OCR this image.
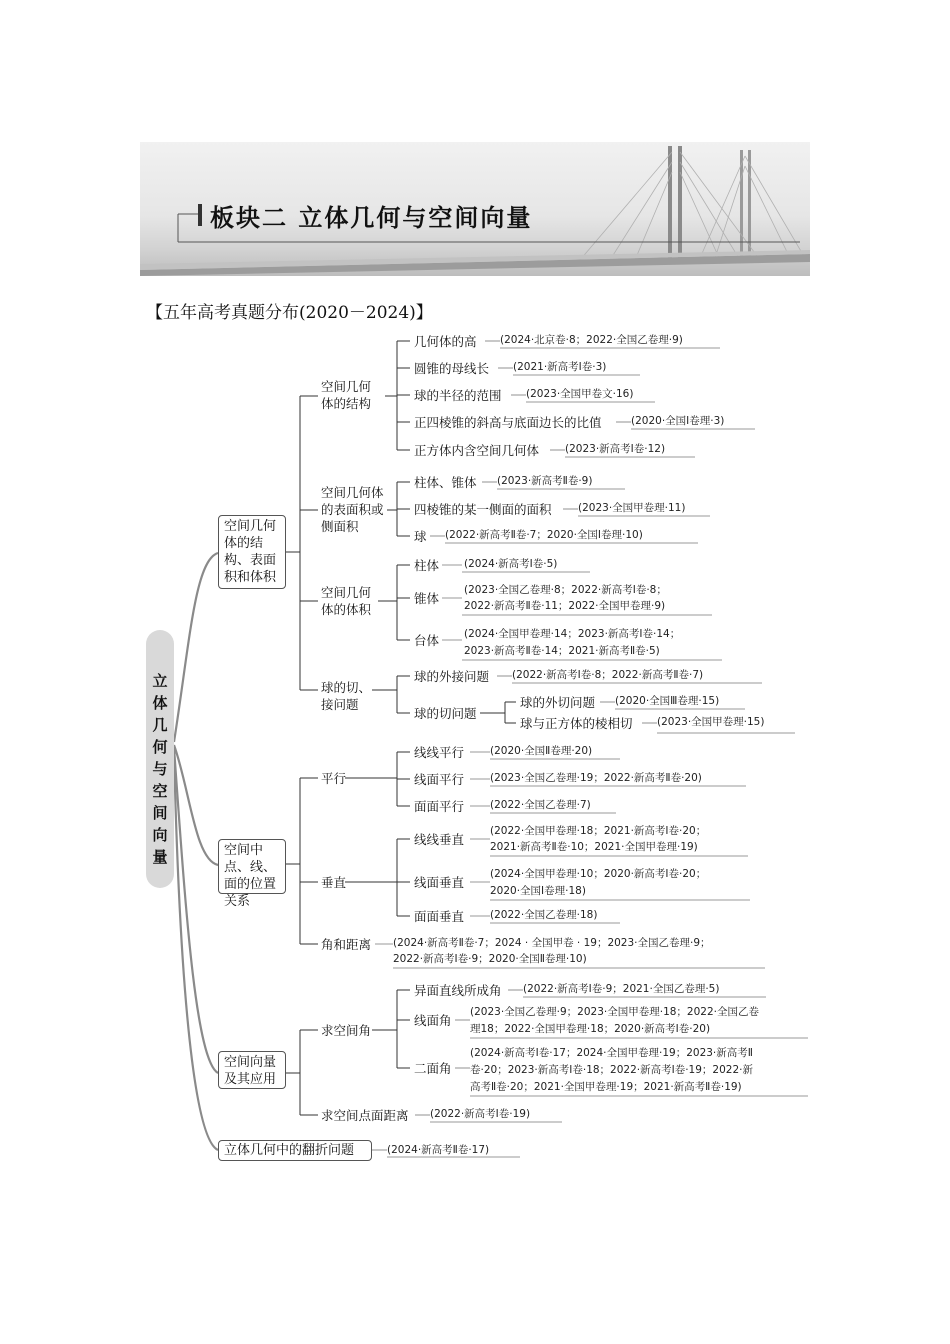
板块二 立体几何与空间向量
【五年高考真题分布(2020－2024)】
立体几何与空间向量
空间几何体的结构、表面积和体积
空间中点、线、面的位置关系
空间向量及其应用
立体几何中的翻折问题	(2024·新高考Ⅱ卷·17)
空间几何体的结构
空间几何体的表面积或侧面积
空间几何体的体积
球的切、接问题
平行
垂直
角和距离
求空间角
求空间点面距离
几何体的高 (2024·北京卷·8；2022·全国乙卷理·9)
圆锥的母线长 (2021·新高考Ⅰ卷·3)
球的半径的范围 (2023·全国甲卷文·16)
正四棱锥的斜高与底面边长的比值	(2020·全国Ⅰ卷理·3)
正方体内含空间几何体 (2023·新高考Ⅰ卷·12)
柱体、锥体 (2023·新高考Ⅱ卷·9)
四棱锥的某一侧面的面积	(2023·全国甲卷理·11)
球 (2022·新高考Ⅱ卷·7；2020·全国Ⅰ卷理·10)
柱体 (2024·新高考Ⅰ卷·5)
锥体
(2023·全国乙卷理·8；2022·新高考Ⅰ卷·8；
2022·新高考Ⅱ卷·11；2022·全国甲卷理·9)
台体 (2024·全国甲卷理·14；2023·新高考Ⅰ卷·14；
2023·新高考Ⅱ卷·14；2021·新高考Ⅱ卷·5)
球的外接问题 (2022·新高考Ⅰ卷·8；2022·新高考Ⅱ卷·7)
球的切问题
球的外切问题 (2020·全国Ⅲ卷理·15)
球与正方体的棱相切 (2023·全国甲卷理·15)
线线平行 (2020·全国Ⅱ卷理·20)
线面平行 (2023·全国乙卷理·19；2022·新高考Ⅱ卷·20)
面面平行 (2022·全国乙卷理·7)
线线垂直
(2022·全国甲卷理·18；2021·新高考Ⅰ卷·20；
2021·新高考Ⅱ卷·10；2021·全国甲卷理·19)
线面垂直
(2024·全国甲卷理·10；2020·新高考Ⅰ卷·20；
2020·全国Ⅰ卷理·18)
面面垂直 (2022·全国乙卷理·18)
(2024·新高考Ⅱ卷·7；2024 · 全国甲卷 · 19；2023·全国乙卷理·9；
2022·新高考Ⅰ卷·9；2020·全国Ⅱ卷理·10)
异面直线所成角 (2022·新高考Ⅰ卷·9；2021·全国乙卷理·5)
线面角
(2023·全国乙卷理·9；2023·全国甲卷理·18；2022·全国乙卷
理18；2022·全国甲卷理·18；2020·新高考Ⅰ卷·20)
二面角
(2024·新高考Ⅰ卷·17；2024·全国甲卷理·19；2023·新高考Ⅱ
卷·20；2023·新高考Ⅰ卷·18；2022·新高考Ⅰ卷·19；2022·新
高考Ⅱ卷·20；2021·全国甲卷理·19；2021·新高考Ⅱ卷·19)
(2022·新高考Ⅰ卷·19)
